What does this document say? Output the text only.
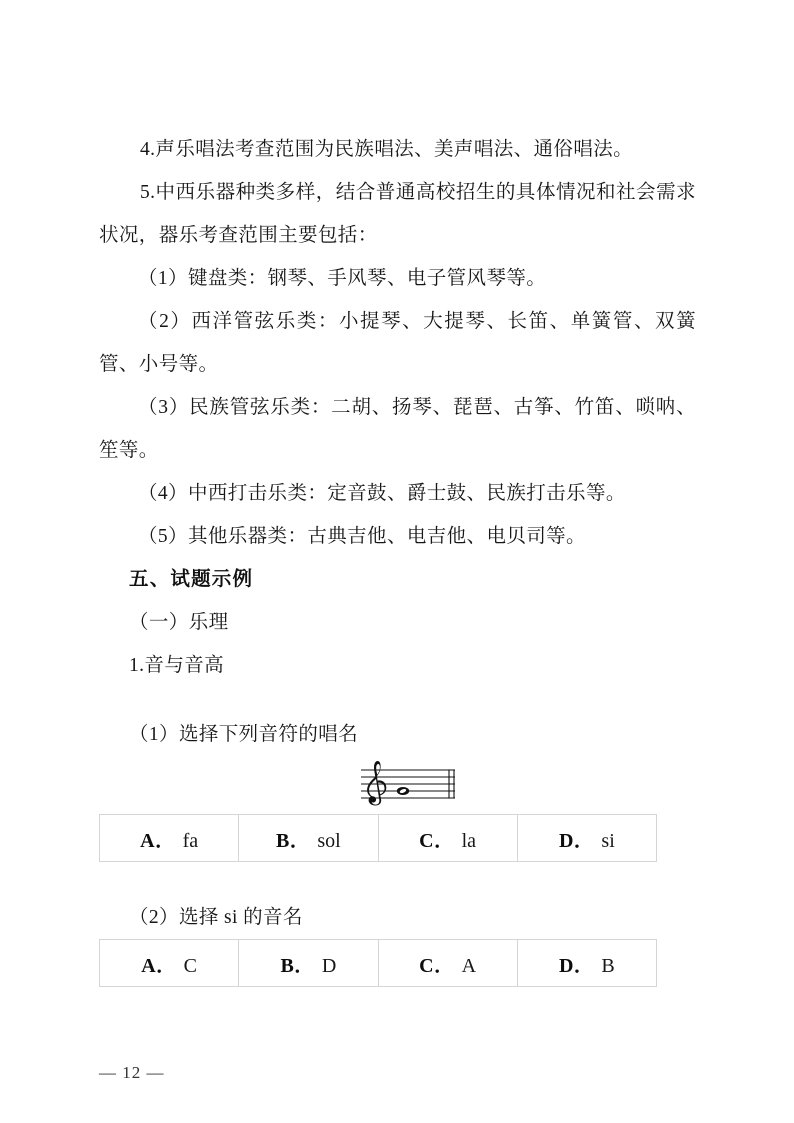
4.声乐唱法考查范围为民族唱法、美声唱法、通俗唱法。

5.中西乐器种类多样，结合普通高校招生的具体情况和社会需求状况，器乐考查范围主要包括：

（1）键盘类：钢琴、手风琴、电子管风琴等。

（2）西洋管弦乐类：小提琴、大提琴、长笛、单簧管、双簧管、小号等。

（3）民族管弦乐类：二胡、扬琴、琵琶、古筝、竹笛、唢呐、笙等。

（4）中西打击乐类：定音鼓、爵士鼓、民族打击乐等。

（5）其他乐器类：古典吉他、电吉他、电贝司等。

五、试题示例

（一）乐理

1.音与音高

（1）选择下列音符的唱名

A． fa	B． sol	C． la	D． si

（2）选择 si 的音名

A． C	B． D	C． A	D． B
— 12 —
